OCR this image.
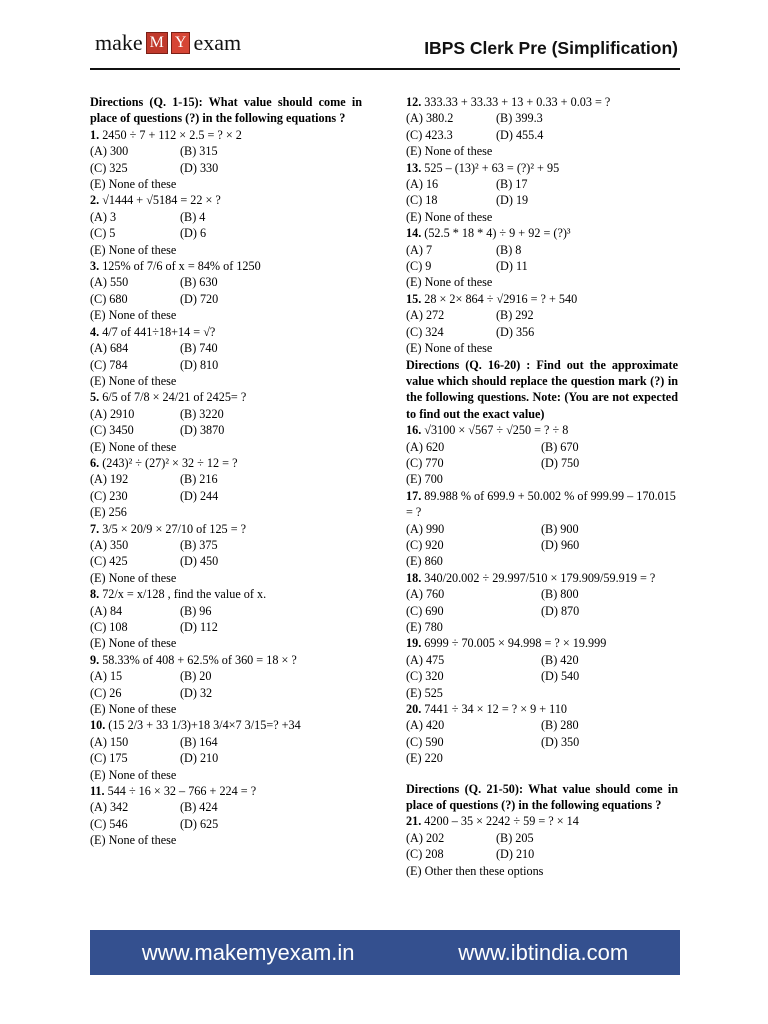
make M Y exam	IBPS Clerk Pre (Simplification)
Directions (Q. 1-15): What value should come in place of questions (?) in the following equations ?
1. 2450 ÷ 7 + 112 × 2.5 = ? × 2
(A) 300	(B) 315
(C) 325	(D) 330
(E) None of these
2. √1444 + √5184 = 22 × ?
(A) 3	(B) 4
(C) 5	(D) 6
(E) None of these
3. 125% of 7/6 of x = 84% of 1250
(A) 550	(B) 630
(C) 680	(D) 720
(E) None of these
4. 4/7 of 441÷18+14 = √?
(A) 684	(B) 740
(C) 784	(D) 810
(E) None of these
5. 6/5 of 7/8 × 24/21 of 2425= ?
(A) 2910	(B) 3220
(C) 3450	(D) 3870
(E) None of these
6. (243)² ÷ (27)² × 32 ÷ 12 = ?
(A) 192	(B) 216
(C) 230	(D) 244
(E) 256
7. 3/5 × 20/9 × 27/10 of 125 = ?
(A) 350	(B) 375
(C) 425	(D) 450
(E) None of these
8. 72/x = x/128 , find the value of x.
(A) 84	(B) 96
(C) 108	(D) 112
(E) None of these
9. 58.33% of 408 + 62.5% of 360 = 18 × ?
(A) 15	(B) 20
(C) 26	(D) 32
(E) None of these
10. (15 2/3 + 33 1/3)+18 3/4×7 3/15=? +34
(A) 150	(B) 164
(C) 175	(D) 210
(E) None of these
11. 544 ÷ 16 × 32 – 766 + 224 = ?
(A) 342	(B) 424
(C) 546	(D) 625
(E) None of these
12. 333.33 + 33.33 + 13 + 0.33 + 0.03 = ?
(A) 380.2	(B) 399.3
(C) 423.3	(D) 455.4
(E) None of these
13. 525 – (13)² + 63 = (?)² + 95
(A) 16	(B) 17
(C) 18	(D) 19
(E) None of these
14. (52.5 * 18 * 4) ÷ 9 + 92 = (?)³
(A) 7	(B) 8
(C) 9	(D) 11
(E) None of these
15. 28 × 2× 864 ÷ √2916 = ? + 540
(A) 272	(B) 292
(C) 324	(D) 356
(E) None of these
Directions (Q. 16-20) : Find out the approximate value which should replace the question mark (?) in the following questions. Note: (You are not expected to find out the exact value)
16. √3100 × √567 ÷ √250 = ? ÷ 8
(A) 620	(B) 670
(C) 770	(D) 750
(E) 700
17. 89.988 % of 699.9 + 50.002 % of 999.99 – 170.015 = ?
(A) 990	(B) 900
(C) 920	(D) 960
(E) 860
18. 340/20.002 ÷ 29.997/510 × 179.909/59.919 = ?
(A) 760	(B) 800
(C) 690	(D) 870
(E) 780
19. 6999 ÷ 70.005 × 94.998 = ? × 19.999
(A) 475	(B) 420
(C) 320	(D) 540
(E) 525
20. 7441 ÷ 34 × 12 = ? × 9 + 110
(A) 420	(B) 280
(C) 590	(D) 350
(E) 220
Directions (Q. 21-50): What value should come in place of questions (?) in the following equations ?
21. 4200 – 35 × 2242 ÷ 59 = ? × 14
(A) 202	(B) 205
(C) 208	(D) 210
(E) Other then these options
www.makemyexam.in	www.ibtindia.com
